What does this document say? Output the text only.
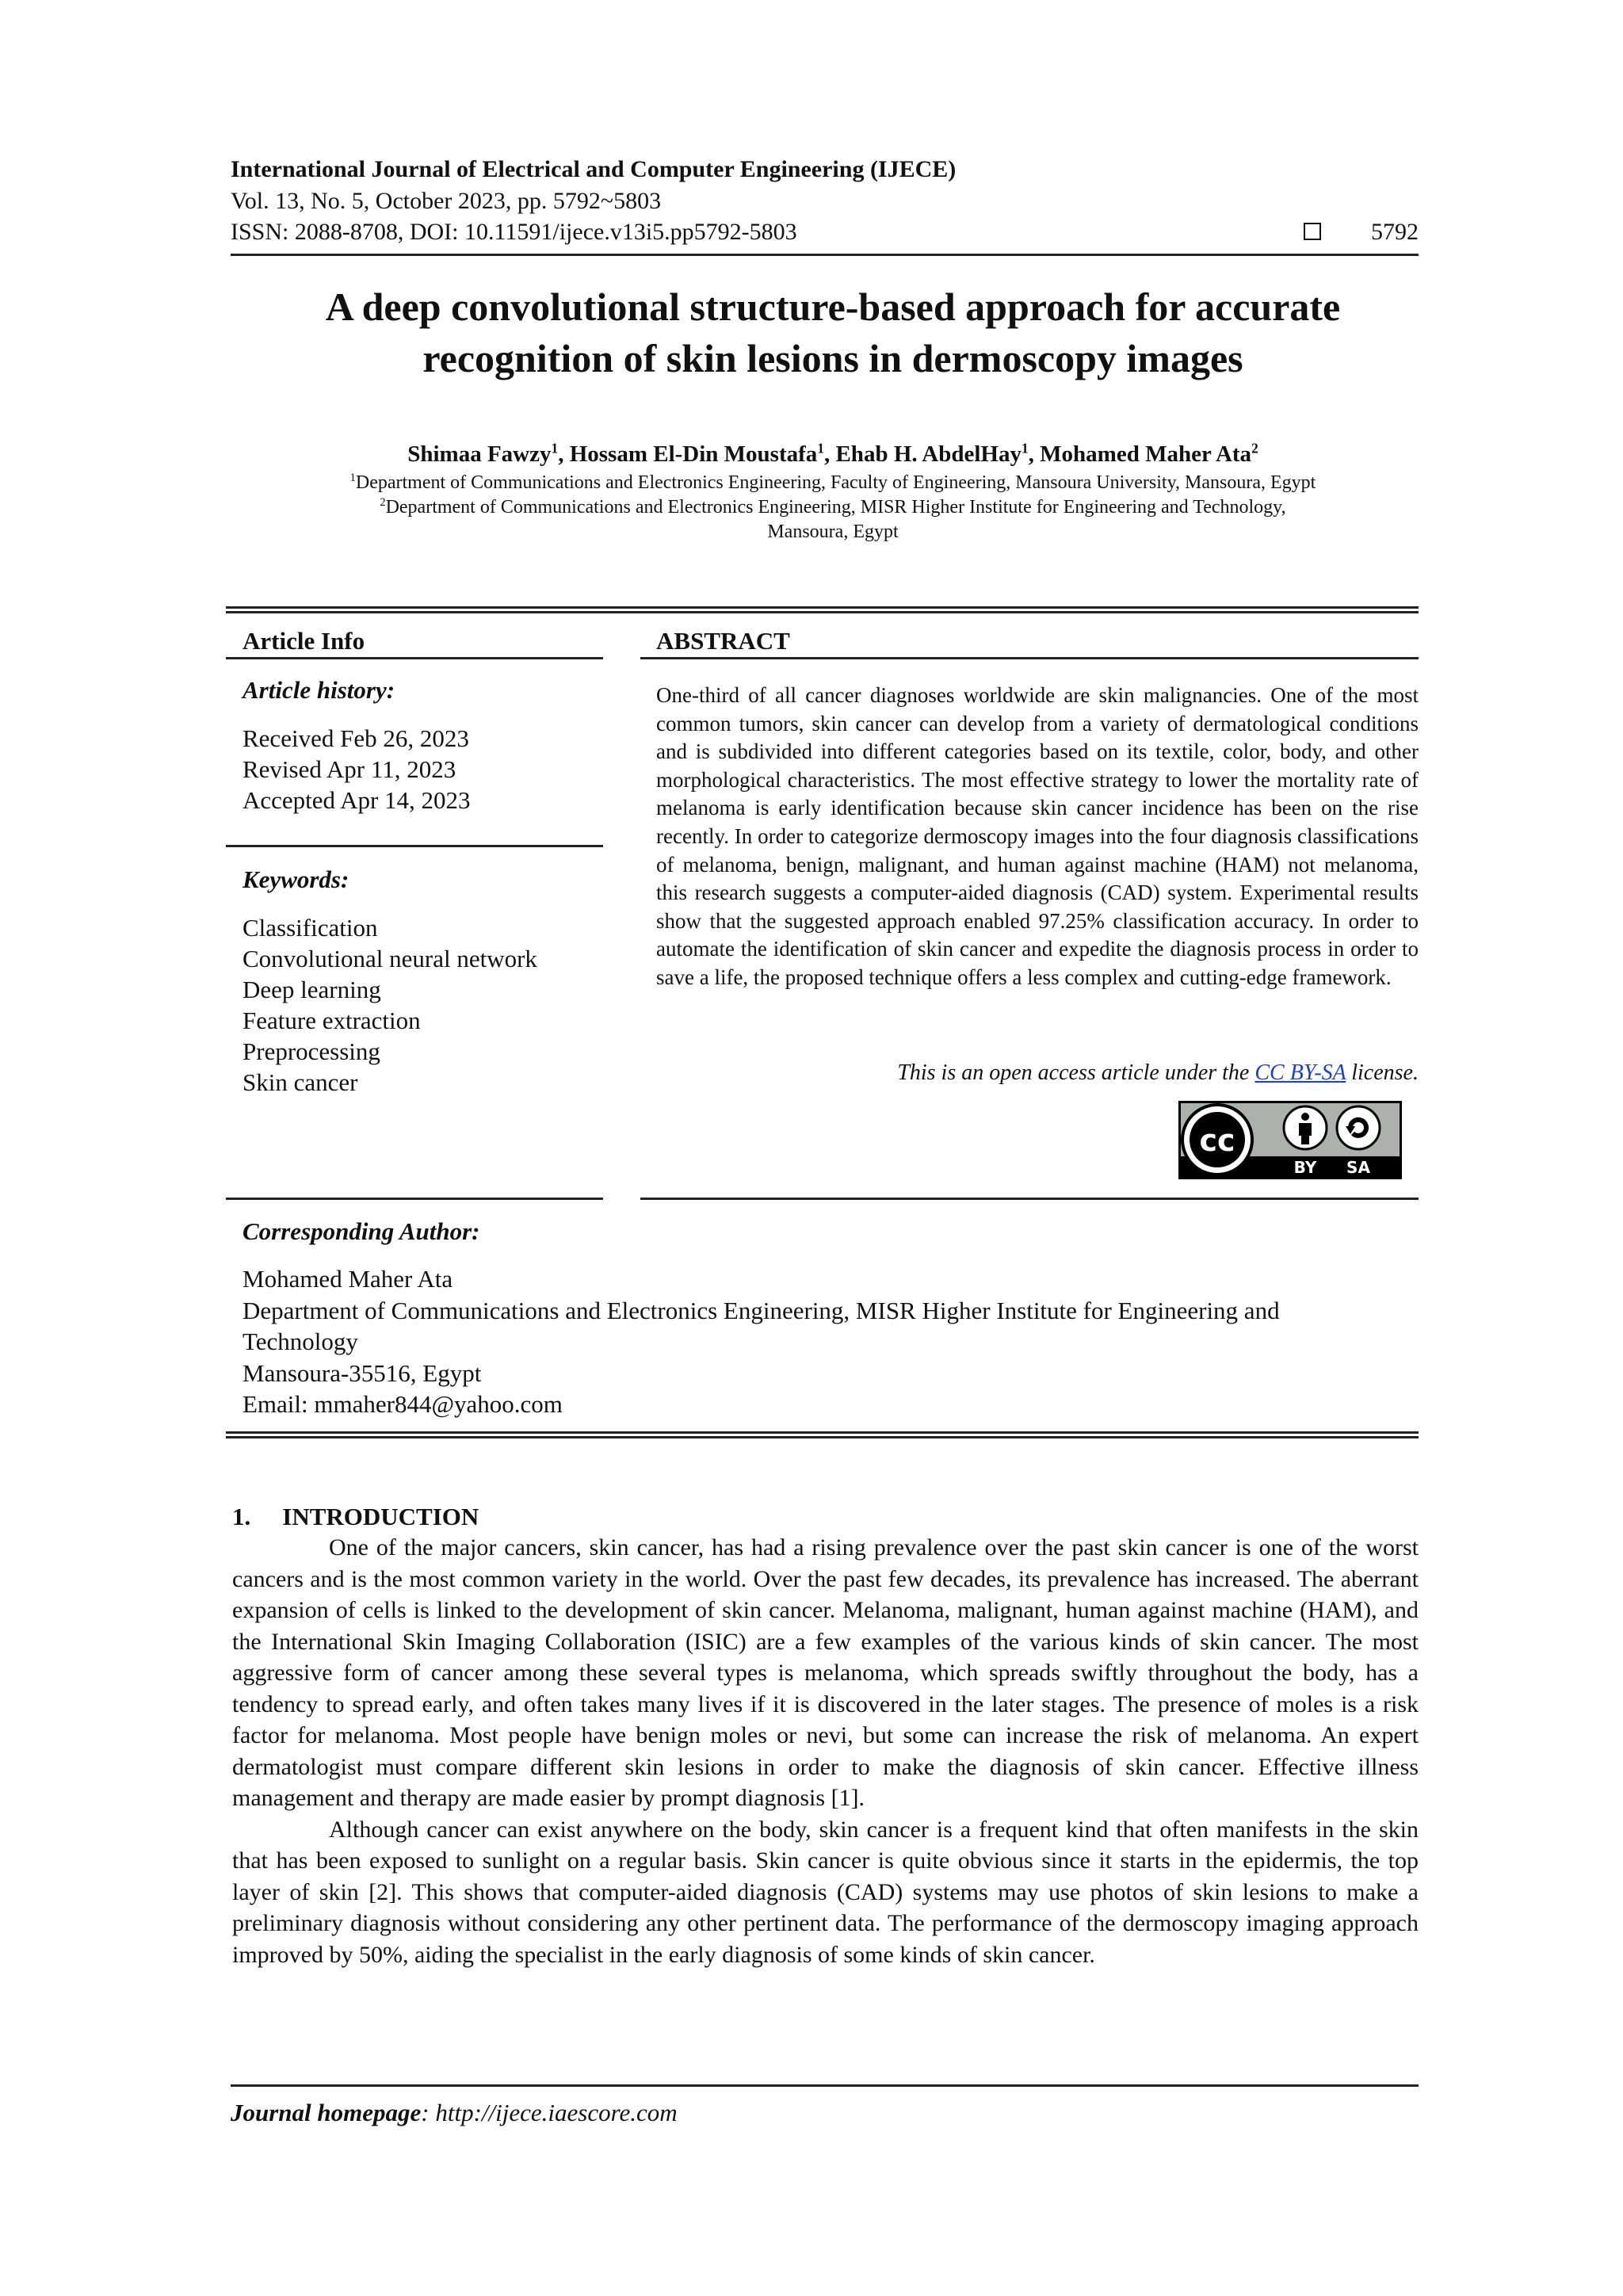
International Journal of Electrical and Computer Engineering (IJECE)
Vol. 13, No. 5, October 2023, pp. 5792~5803
ISSN: 2088-8708, DOI: 10.11591/ijece.v13i5.pp5792-5803	5792
A deep convolutional structure-based approach for accurate
recognition of skin lesions in dermoscopy images
Shimaa Fawzy$^1$, Hossam El-Din Moustafa$^1$, Ehab H. AbdelHay$^1$, Mohamed Maher Ata$^2$
$^1$Department of Communications and Electronics Engineering, Faculty of Engineering, Mansoura University, Mansoura, Egypt
$^2$Department of Communications and Electronics Engineering, MISR Higher Institute for Engineering and Technology,
Mansoura, Egypt
Article Info
Article history:
Received Feb 26, 2023
Revised Apr 11, 2023
Accepted Apr 14, 2023
Keywords:
Classification
Convolutional neural network
Deep learning
Feature extraction
Preprocessing
Skin cancer
ABSTRACT
One-third of all cancer diagnoses worldwide are skin malignancies. One of the most common tumors, skin cancer can develop from a variety of dermatological conditions and is subdivided into different categories based on its textile, color, body, and other morphological characteristics. The most effective strategy to lower the mortality rate of melanoma is early identification because skin cancer incidence has been on the rise recently. In order to categorize dermoscopy images into the four diagnosis classifications of melanoma, benign, malignant, and human against machine (HAM) not melanoma, this research suggests a computer-aided diagnosis (CAD) system. Experimental results show that the suggested approach enabled 97.25% classification accuracy. In order to automate the identification of skin cancer and expedite the diagnosis process in order to save a life, the proposed technique offers a less complex and cutting-edge framework.
This is an open access article under the CC BY-SA license.
cc
BY SA
Corresponding Author:
Mohamed Maher Ata
Department of Communications and Electronics Engineering, MISR Higher Institute for Engineering and
Technology
Mansoura-35516, Egypt
Email: mmaher844@yahoo.com
1. INTRODUCTION

One of the major cancers, skin cancer, has had a rising prevalence over the past skin cancer is one of the worst cancers and is the most common variety in the world. Over the past few decades, its prevalence has increased. The aberrant expansion of cells is linked to the development of skin cancer. Melanoma, malignant, human against machine (HAM), and the International Skin Imaging Collaboration (ISIC) are a few examples of the various kinds of skin cancer. The most aggressive form of cancer among these several types is melanoma, which spreads swiftly throughout the body, has a tendency to spread early, and often takes many lives if it is discovered in the later stages. The presence of moles is a risk factor for melanoma. Most people have benign moles or nevi, but some can increase the risk of melanoma. An expert dermatologist must compare different skin lesions in order to make the diagnosis of skin cancer. Effective illness management and therapy are made easier by prompt diagnosis [1].

Although cancer can exist anywhere on the body, skin cancer is a frequent kind that often manifests in the skin that has been exposed to sunlight on a regular basis. Skin cancer is quite obvious since it starts in the epidermis, the top layer of skin [2]. This shows that computer-aided diagnosis (CAD) systems may use photos of skin lesions to make a preliminary diagnosis without considering any other pertinent data. The performance of the dermoscopy imaging approach improved by 50%, aiding the specialist in the early diagnosis of some kinds of skin cancer.

Journal homepage: http://ijece.iaescore.com
